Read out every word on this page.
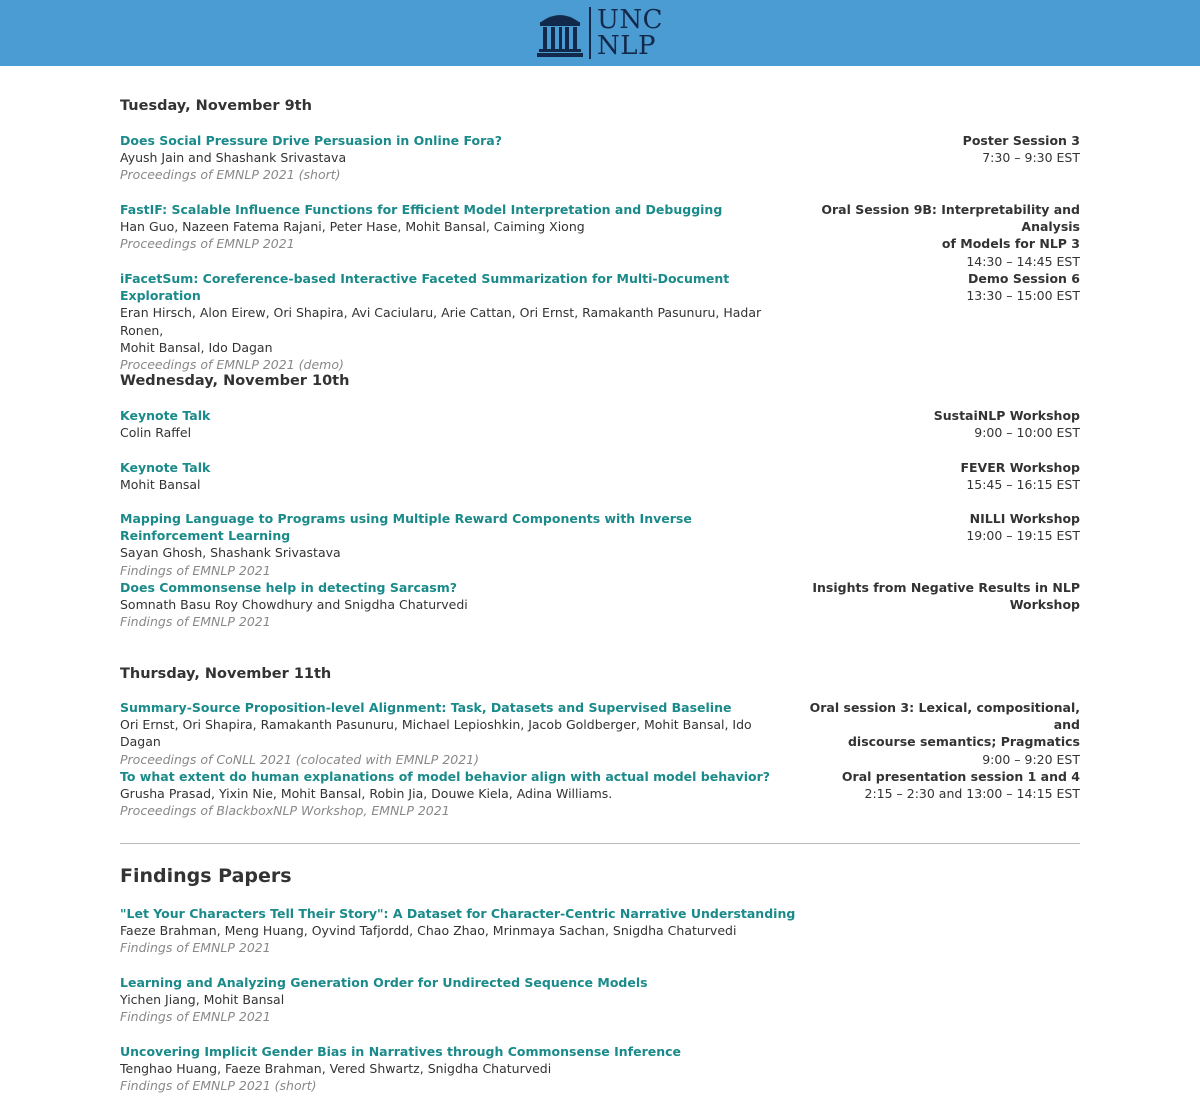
UNC
NLP
Tuesday, November 9th
Does Social Pressure Drive Persuasion in Online Fora?
Ayush Jain and Shashank Srivastava
Proceedings of EMNLP 2021 (short)
Poster Session 3
7:30 – 9:30 EST
FastIF: Scalable Influence Functions for Efficient Model Interpretation and Debugging
Han Guo, Nazeen Fatema Rajani, Peter Hase, Mohit Bansal, Caiming Xiong
Proceedings of EMNLP 2021
Oral Session 9B: Interpretability and Analysis
of Models for NLP 3
14:30 – 14:45 EST
iFacetSum: Coreference-based Interactive Faceted Summarization for Multi-Document Exploration
Eran Hirsch, Alon Eirew, Ori Shapira, Avi Caciularu, Arie Cattan, Ori Ernst, Ramakanth Pasunuru, Hadar Ronen,
Mohit Bansal, Ido Dagan
Proceedings of EMNLP 2021 (demo)
Demo Session 6
13:30 – 15:00 EST
Wednesday, November 10th
Keynote Talk
Colin Raffel
SustaiNLP Workshop
9:00 – 10:00 EST
Keynote Talk
Mohit Bansal
FEVER Workshop
15:45 – 16:15 EST
Mapping Language to Programs using Multiple Reward Components with Inverse Reinforcement Learning
Sayan Ghosh, Shashank Srivastava
Findings of EMNLP 2021
NILLI Workshop
19:00 – 19:15 EST
Does Commonsense help in detecting Sarcasm?
Somnath Basu Roy Chowdhury and Snigdha Chaturvedi
Findings of EMNLP 2021
Insights from Negative Results in NLP
Workshop
Thursday, November 11th
Summary-Source Proposition-level Alignment: Task, Datasets and Supervised Baseline
Ori Ernst, Ori Shapira, Ramakanth Pasunuru, Michael Lepioshkin, Jacob Goldberger, Mohit Bansal, Ido Dagan
Proceedings of CoNLL 2021 (colocated with EMNLP 2021)
Oral session 3: Lexical, compositional, and
discourse semantics; Pragmatics
9:00 – 9:20 EST
To what extent do human explanations of model behavior align with actual model behavior?
Grusha Prasad, Yixin Nie, Mohit Bansal, Robin Jia, Douwe Kiela, Adina Williams.
Proceedings of BlackboxNLP Workshop, EMNLP 2021
Oral presentation session 1 and 4
2:15 – 2:30 and 13:00 – 14:15 EST
Findings Papers
"Let Your Characters Tell Their Story": A Dataset for Character-Centric Narrative Understanding
Faeze Brahman, Meng Huang, Oyvind Tafjordd, Chao Zhao, Mrinmaya Sachan, Snigdha Chaturvedi
Findings of EMNLP 2021
Learning and Analyzing Generation Order for Undirected Sequence Models
Yichen Jiang, Mohit Bansal
Findings of EMNLP 2021
Uncovering Implicit Gender Bias in Narratives through Commonsense Inference
Tenghao Huang, Faeze Brahman, Vered Shwartz, Snigdha Chaturvedi
Findings of EMNLP 2021 (short)
